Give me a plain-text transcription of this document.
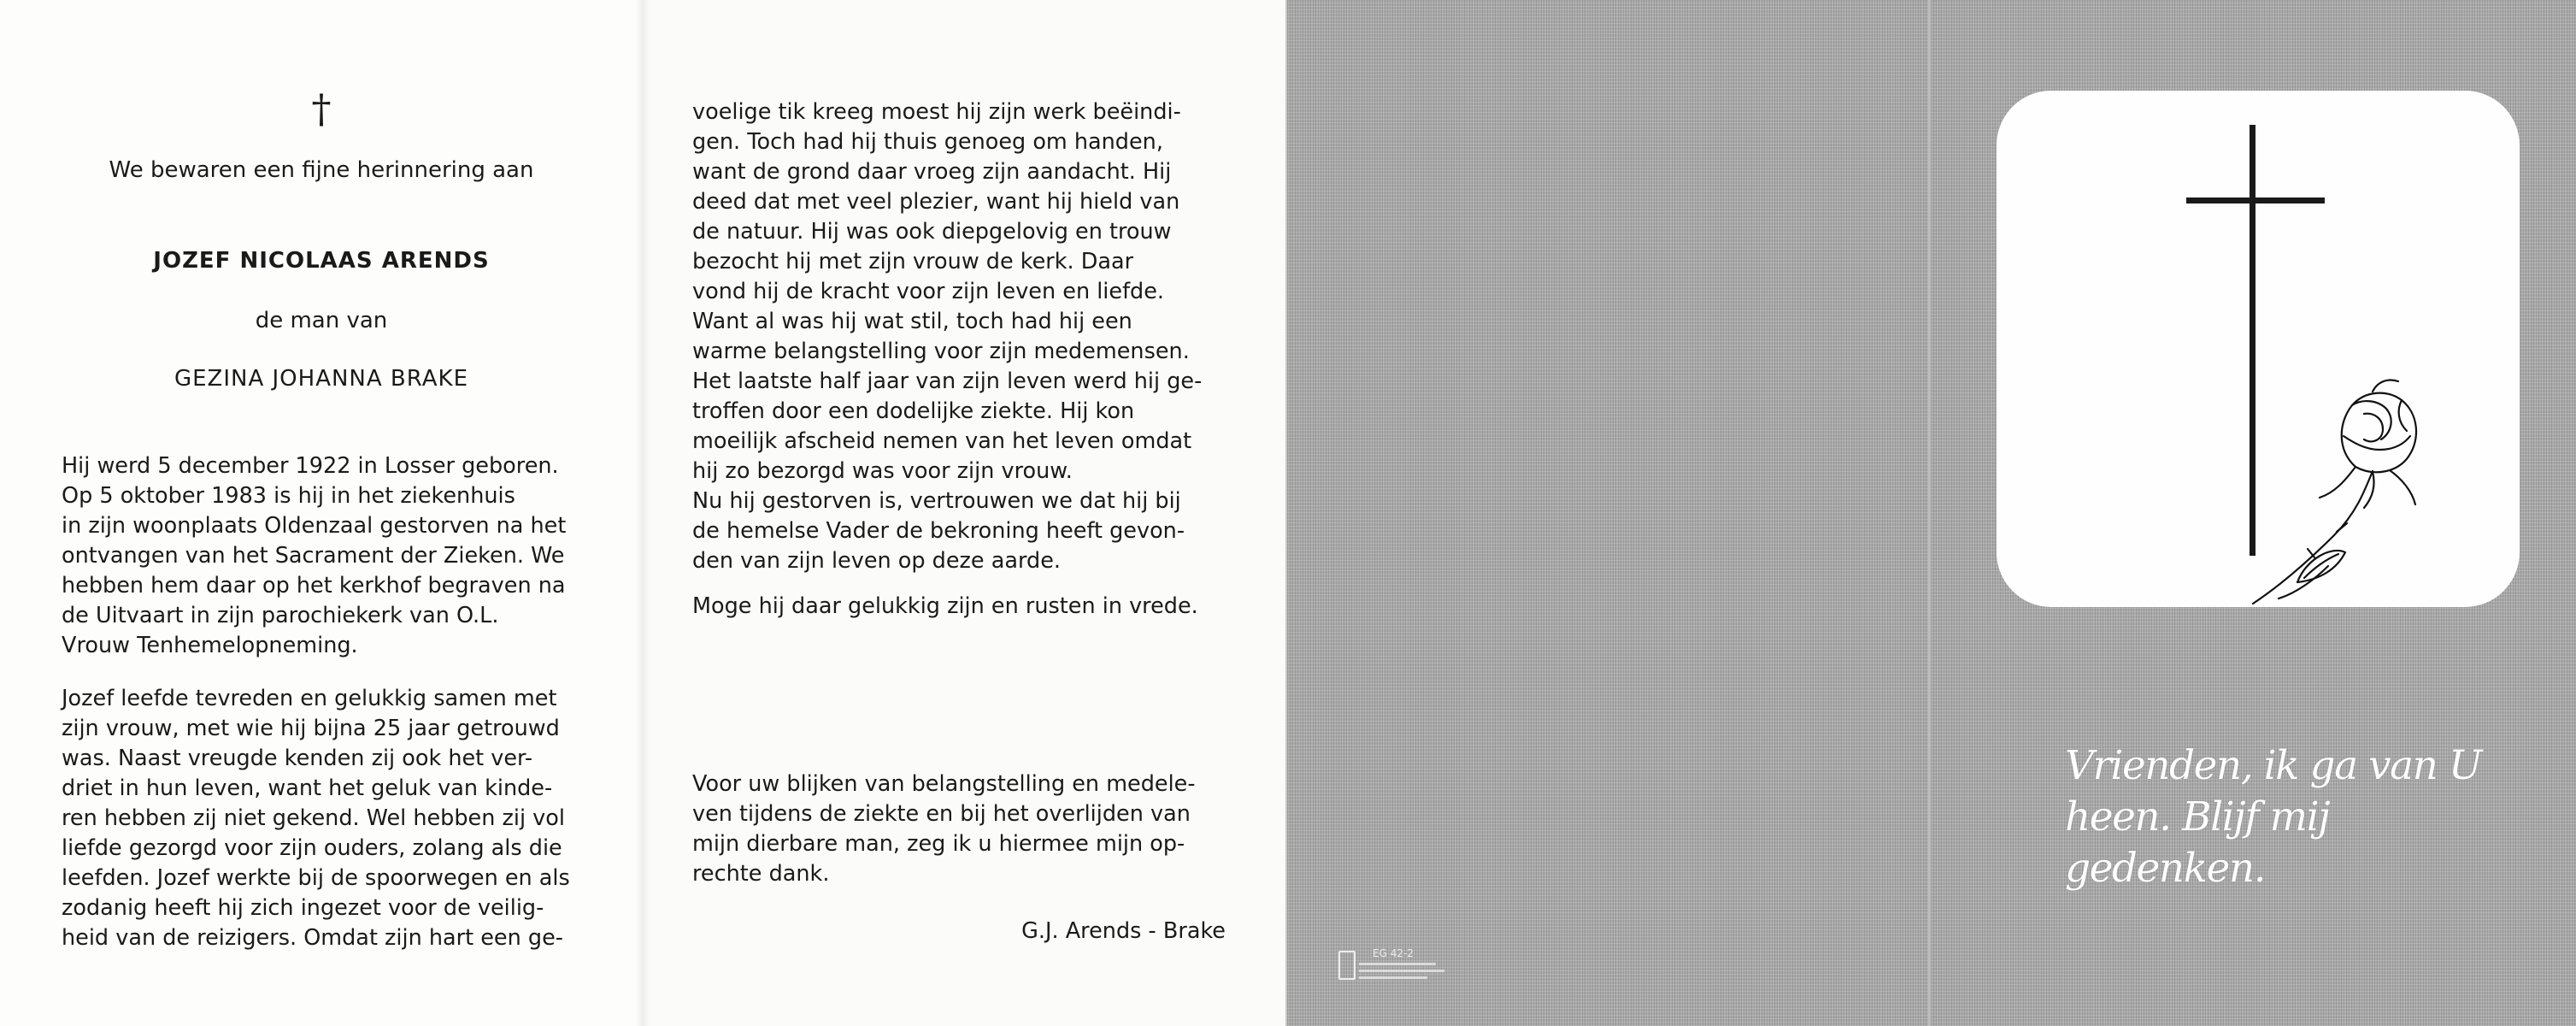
†
We bewaren een fijne herinnering aan
JOZEF NICOLAAS ARENDS
de man van
GEZINA JOHANNA BRAKE
Hij werd 5 december 1922 in Losser geboren.
Op 5 oktober 1983 is hij in het ziekenhuis
in zijn woonplaats Oldenzaal gestorven na het
ontvangen van het Sacrament der Zieken. We
hebben hem daar op het kerkhof begraven na
de Uitvaart in zijn parochiekerk van O.L.
Vrouw Tenhemelopneming.
Jozef leefde tevreden en gelukkig samen met
zijn vrouw, met wie hij bijna 25 jaar getrouwd
was. Naast vreugde kenden zij ook het ver-
driet in hun leven, want het geluk van kinde-
ren hebben zij niet gekend. Wel hebben zij vol
liefde gezorgd voor zijn ouders, zolang als die
leefden. Jozef werkte bij de spoorwegen en als
zodanig heeft hij zich ingezet voor de veilig-
heid van de reizigers. Omdat zijn hart een ge-
voelige tik kreeg moest hij zijn werk beëindi-
gen. Toch had hij thuis genoeg om handen,
want de grond daar vroeg zijn aandacht. Hij
deed dat met veel plezier, want hij hield van
de natuur. Hij was ook diepgelovig en trouw
bezocht hij met zijn vrouw de kerk. Daar
vond hij de kracht voor zijn leven en liefde.
Want al was hij wat stil, toch had hij een
warme belangstelling voor zijn medemensen.
Het laatste half jaar van zijn leven werd hij ge-
troffen door een dodelijke ziekte. Hij kon
moeilijk afscheid nemen van het leven omdat
hij zo bezorgd was voor zijn vrouw.
Nu hij gestorven is, vertrouwen we dat hij bij
de hemelse Vader de bekroning heeft gevon-
den van zijn leven op deze aarde.
Moge hij daar gelukkig zijn en rusten in vrede.
Voor uw blijken van belangstelling en medele-
ven tijdens de ziekte en bij het overlijden van
mijn dierbare man, zeg ik u hiermee mijn op-
rechte dank.
G.J. Arends - Brake
EG 42-2
Vrienden, ik ga van U
heen. Blijf mij gedenken.
